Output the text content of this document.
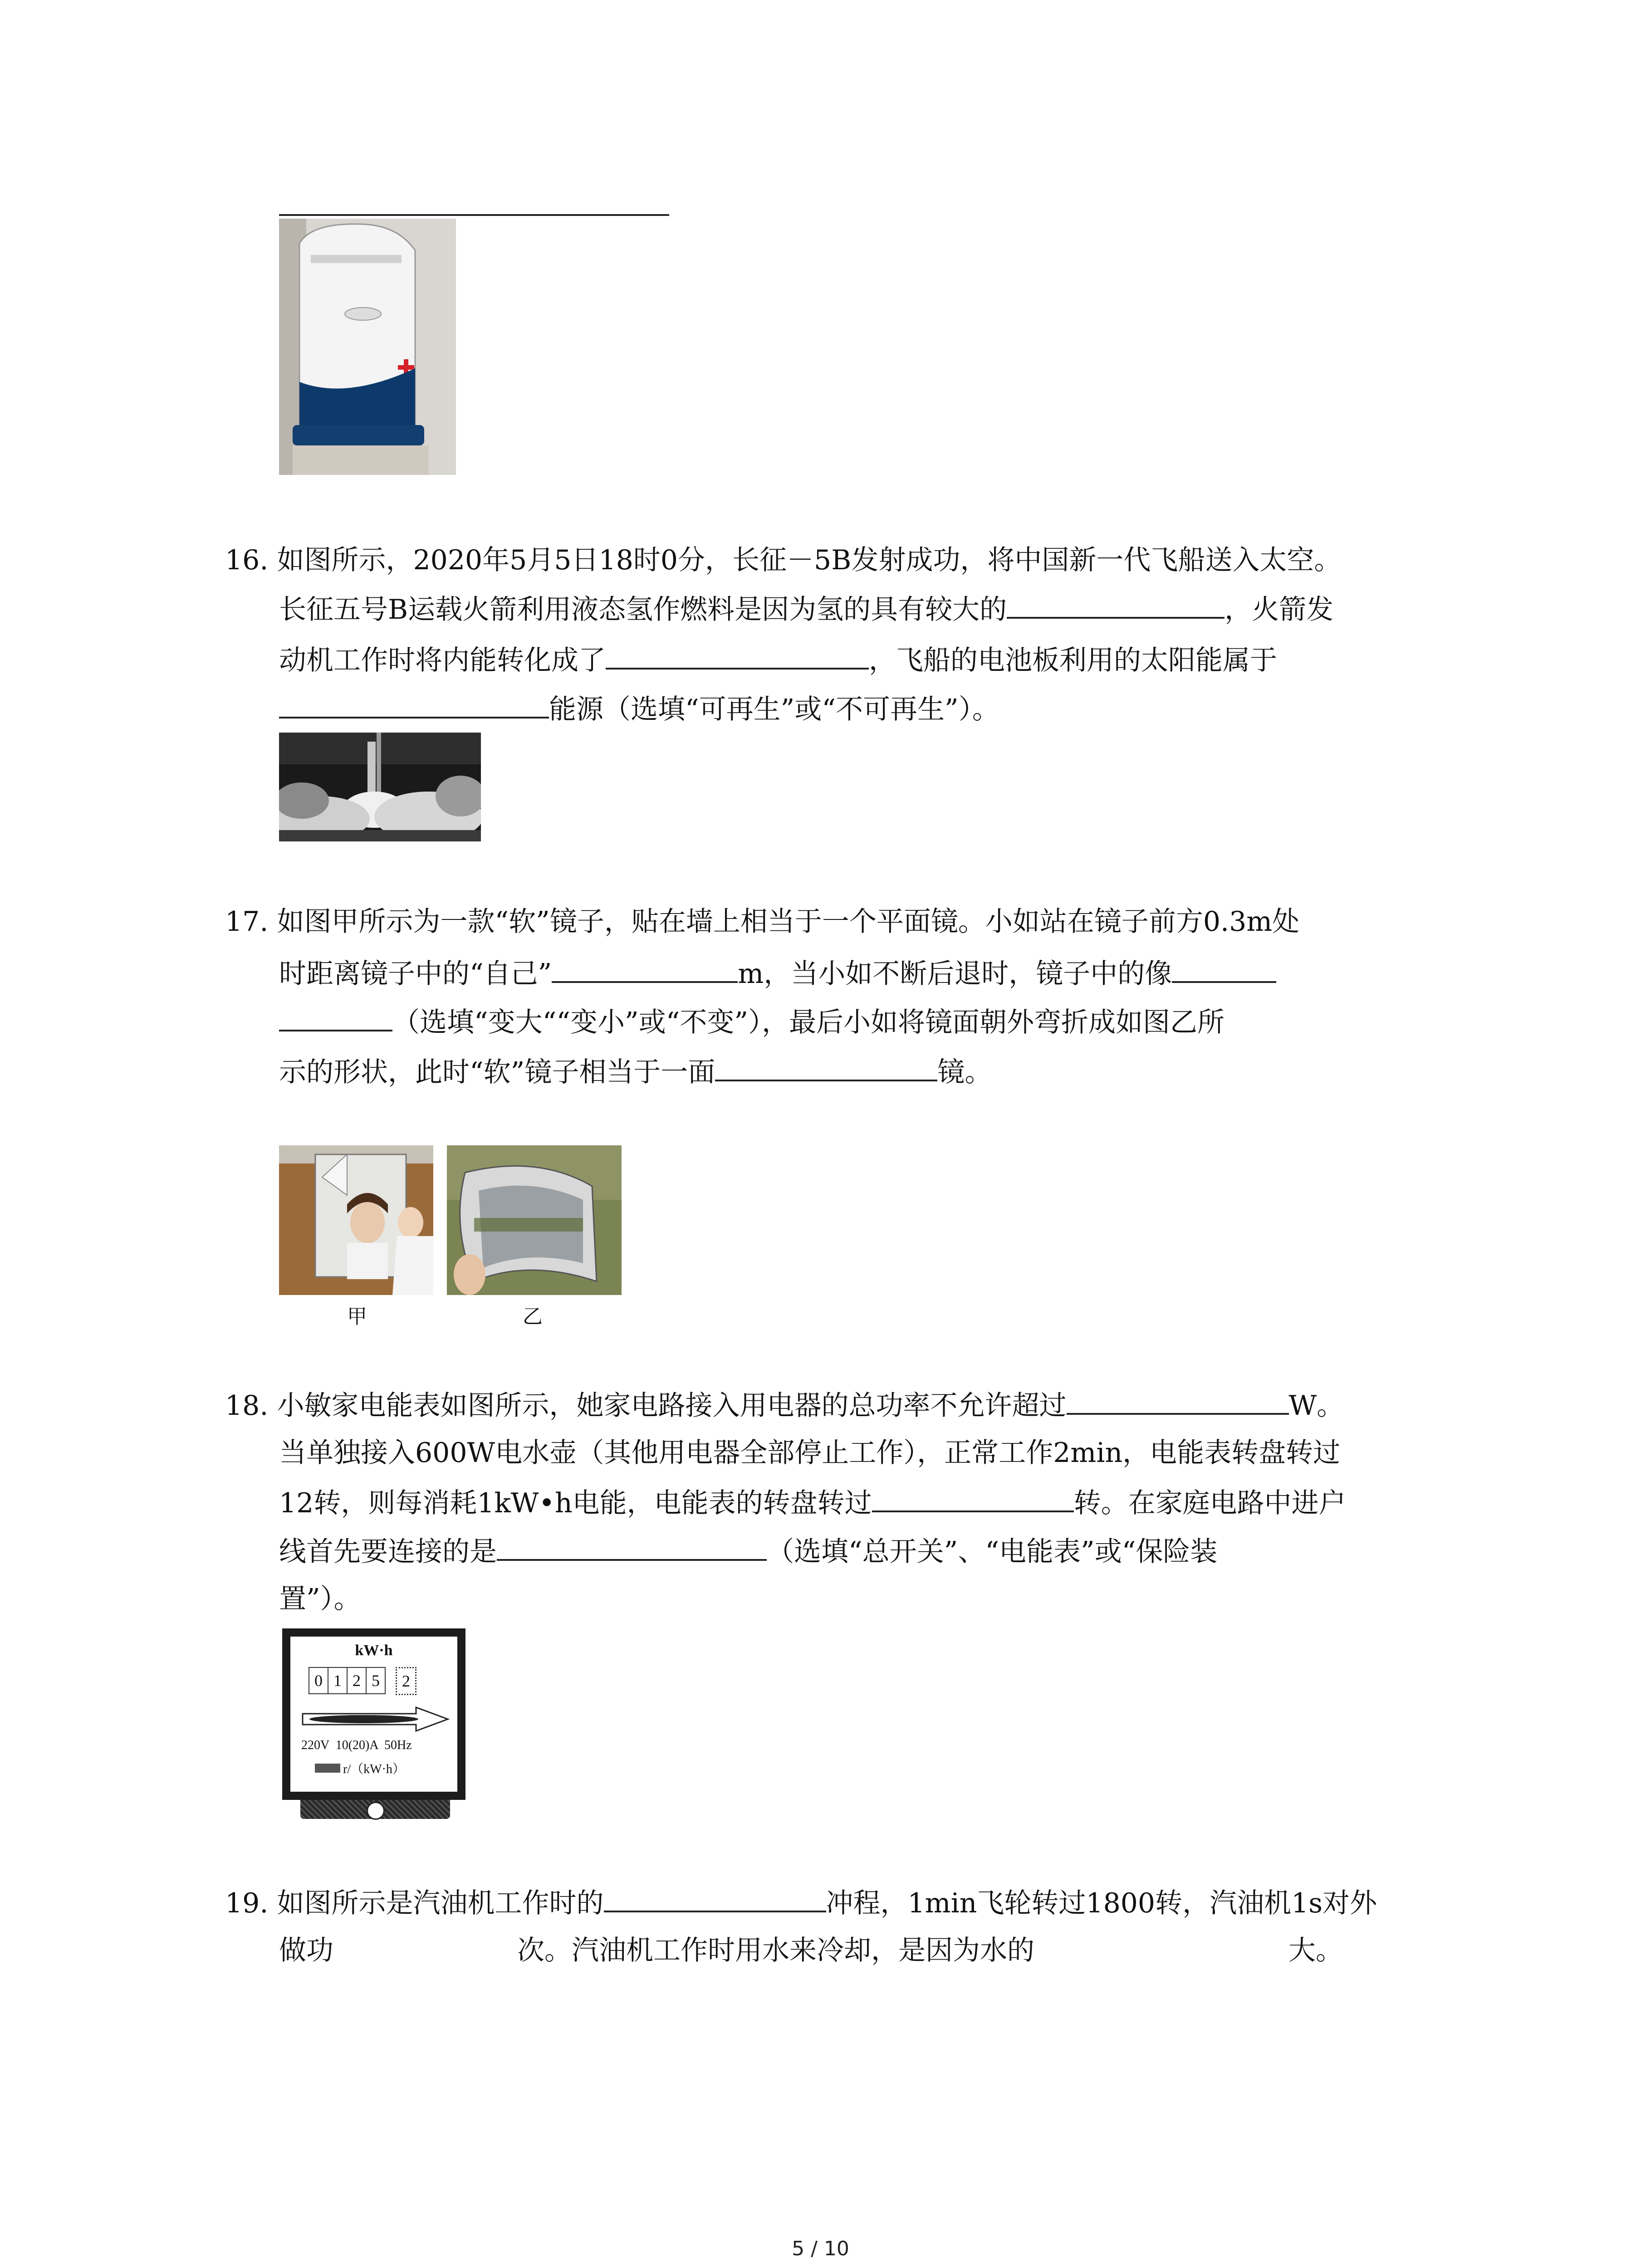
16. 如图所示，2020年5月5日18时0分，长征－5B发射成功，将中国新一代飞船送入太空。
长征五号B运载火箭利用液态氢作燃料是因为氢的具有较大的	，火箭发
动机工作时将内能转化成了	，飞船的电池板利用的太阳能属于
能源（选填“可再生”或“不可再生”）。
17. 如图甲所示为一款“软”镜子，贴在墙上相当于一个平面镜。小如站在镜子前方0.3m处
时距离镜子中的“自己”	m，当小如不断后退时，镜子中的像
（选填“变大““变小”或“不变”），最后小如将镜面朝外弯折成如图乙所
示的形状，此时“软”镜子相当于一面	镜。
甲	乙
18. 小敏家电能表如图所示，她家电路接入用电器的总功率不允许超过	W。
当单独接入600W电水壶（其他用电器全部停止工作），正常工作2min，电能表转盘转过
12转，则每消耗1kW•h电能，电能表的转盘转过	转。在家庭电路中进户
线首先要连接的是	（选填“总开关”、“电能表”或“保险装
置”）。
kW·h
0 1 2 5	2
220V  10(20)A  50Hz
r/（kW·h）
19. 如图所示是汽油机工作时的	冲程，1min飞轮转过1800转，汽油机1s对外
做功	次。汽油机工作时用水来冷却，是因为水的	大。
5 / 10
